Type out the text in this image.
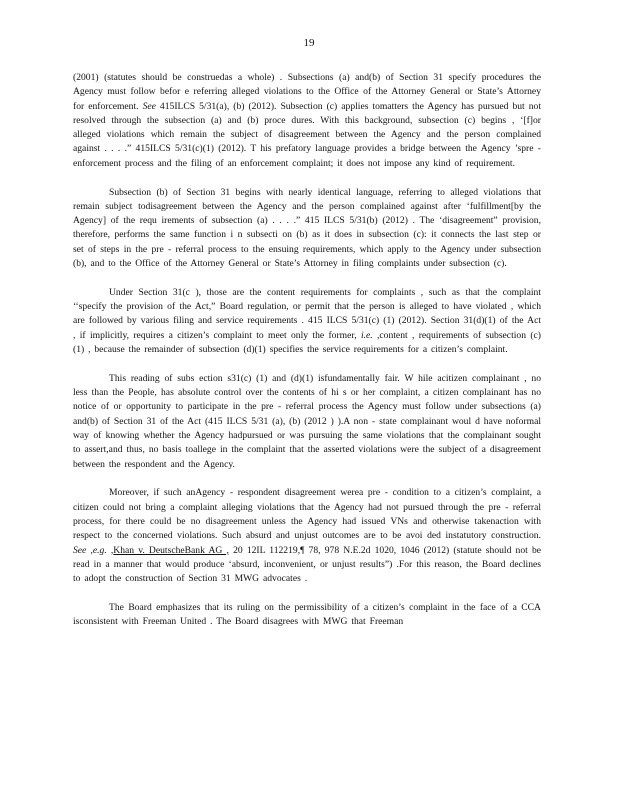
19

(2001) (statutes should be construedas a whole) . Subsections (a) and(b) of Section 31 specify procedures the Agency must follow befor e referring alleged violations to the Office of the Attorney General or State’s Attorney for enforcement. See 415ILCS 5/31(a), (b) (2012). Subsection (c) applies tomatters the Agency has pursued but not resolved through the subsection (a) and (b) proce dures. With this background, subsection (c) begins , ‘[f]or alleged violations which remain the subject of disagreement between the Agency and the person complained against . . . .” 415ILCS 5/31(c)(1) (2012). T his prefatory language provides a bridge between the Agency ’spre - enforcement process and the filing of an enforcement complaint; it does not impose any kind of requirement.

Subsection (b) of Section 31 begins with nearly identical language, referring to alleged violations that remain subject todisagreement between the Agency and the person complained against after ‘fulfillment[by the Agency] of the requ irements of subsection (a) . . . .” 415 ILCS 5/31(b) (2012) . The ‘disagreement” provision, therefore, performs the same function i n subsecti on (b) as it does in subsection (c): it connects the last step or set of steps in the pre - referral process to the ensuing requirements, which apply to the Agency under subsection (b), and to the Office of the Attorney General or State’s Attorney in filing complaints under subsection (c).

Under Section 31(c ), those are the content requirements for complaints , such as that the complaint ‘‘specify the provision of the Act,” Board regulation, or permit that the person is alleged to have violated , which are followed by various filing and service requirements . 415 ILCS 5/31(c) (1) (2012). Section 31(d)(1) of the Act , if implicitly, requires a citizen’s complaint to meet only the former, i.e. ,content , requirements of subsection (c)(1) , because the remainder of subsection (d)(1) specifies the service requirements for a citizen’s complaint.

This reading of subs ection s31(c) (1) and (d)(1) isfundamentally fair. W hile acitizen complainant , no less than the People, has absolute control over the contents of hi s or her complaint, a citizen complainant has no notice of or opportunity to participate in the pre - referral process the Agency must follow under subsections (a) and(b) of Section 31 of the Act (415 ILCS 5/31 (a), (b) (2012 ) ).A non - state complainant woul d have noformal way of knowing whether the Agency hadpursued or was pursuing the same violations that the complainant sought to assert,and thus, no basis toallege in the complaint that the asserted violations were the subject of a disagreement between the respondent and the Agency.

Moreover, if such anAgency - respondent disagreement werea pre - condition to a citizen’s complaint, a citizen could not bring a complaint alleging violations that the Agency had not pursued through the pre - referral process, for there could be no disagreement unless the Agency had issued VNs and otherwise takenaction with respect to the concerned violations. Such absurd and unjust outcomes are to be avoi ded instatutory construction. See ,e.g. ,Khan v. DeutscheBank AG , 20 12IL 112219,¶ 78, 978 N.E.2d 1020, 1046 (2012) (statute should not be read in a manner that would produce ‘absurd, inconvenient, or unjust results”) .For this reason, the Board declines to adopt the construction of Section 31 MWG advocates .

The Board emphasizes that its ruling on the permissibility of a citizen’s complaint in the face of a CCA isconsistent with Freeman United . The Board disagrees with MWG that Freeman
